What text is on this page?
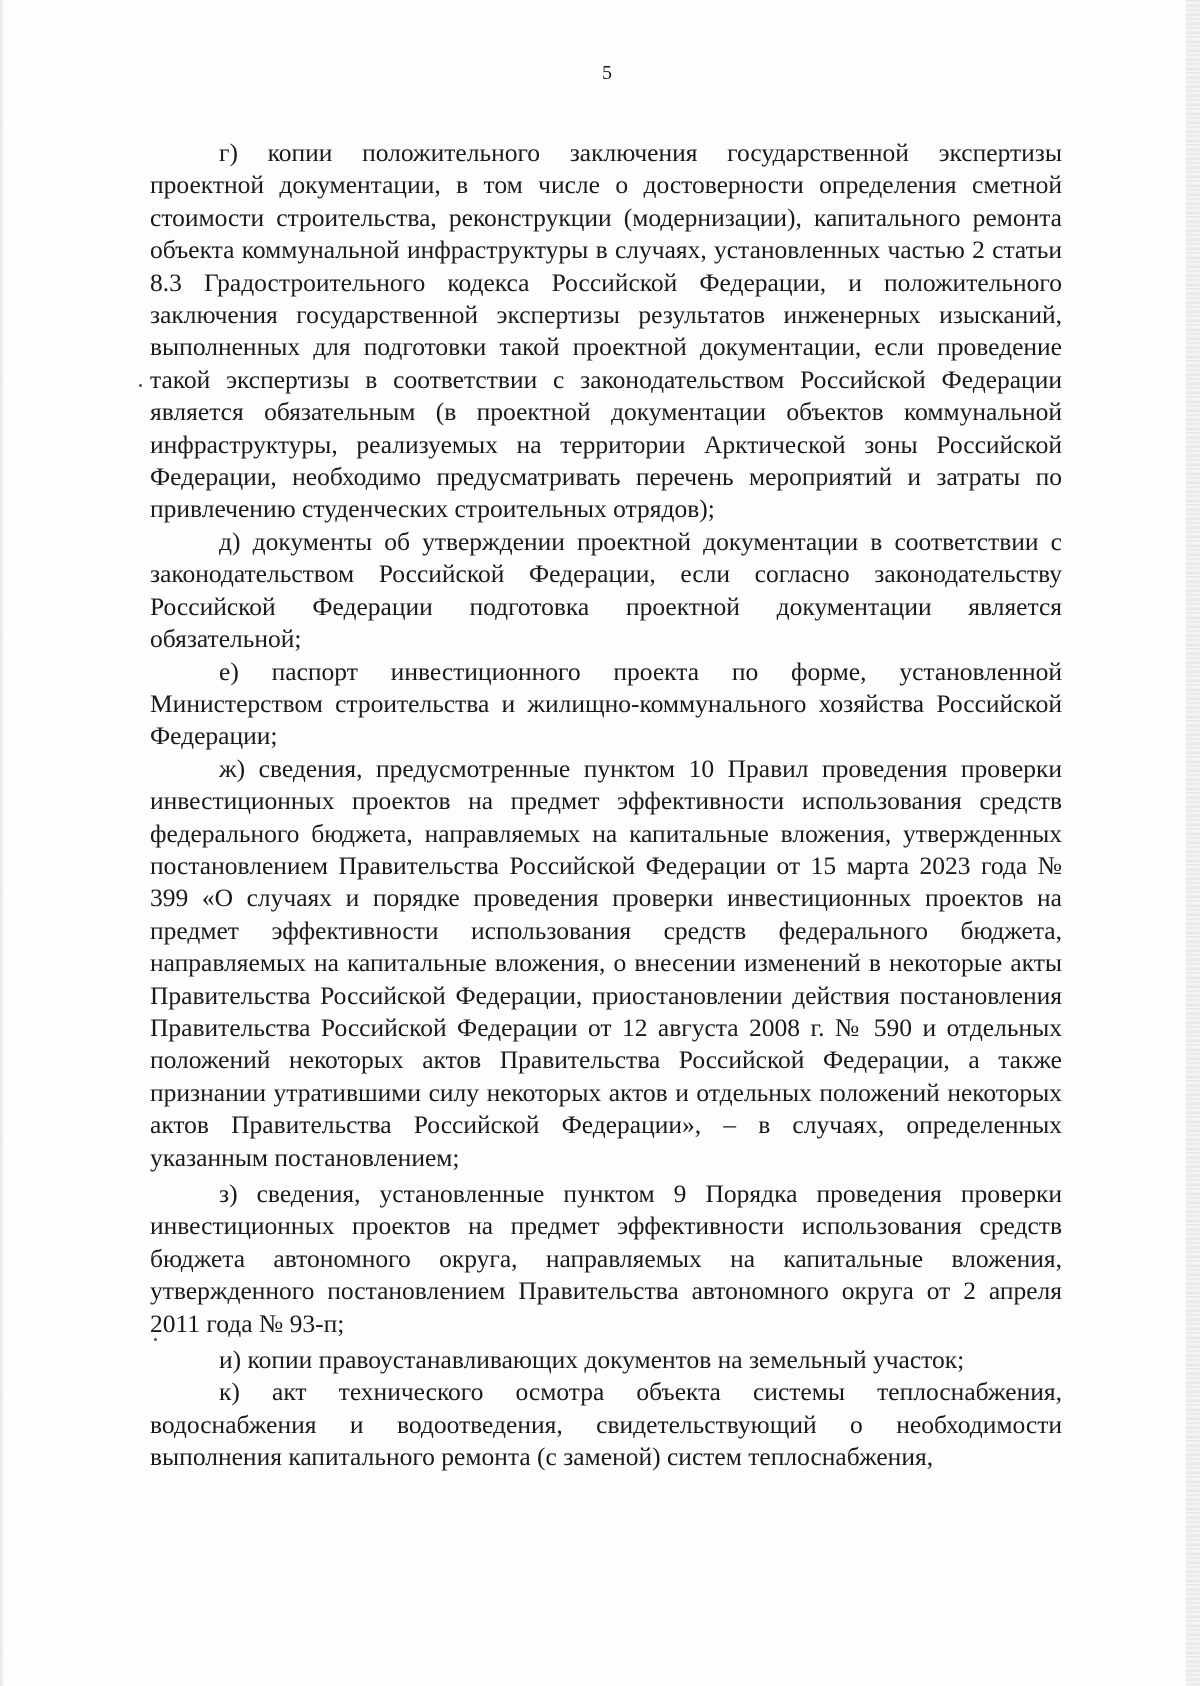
5

г) копии положительного заключения государственной экспертизы проектной документации, в том числе о достоверности определения сметной стоимости строительства, реконструкции (модернизации), капитального ремонта объекта коммунальной инфраструктуры в случаях, установленных частью 2 статьи 8.3 Градостроительного кодекса Российской Федерации, и положительного заключения государственной экспертизы результатов инженерных изысканий, выполненных для подготовки такой проектной документации, если проведение такой экспертизы в соответствии с законодательством Российской Федерации является обязательным (в проектной документации объектов коммунальной инфраструктуры, реализуемых на территории Арктической зоны Российской Федерации, необходимо предусматривать перечень мероприятий и затраты по привлечению студенческих строительных отрядов);

д) документы об утверждении проектной документации в соответствии с законодательством Российской Федерации, если согласно законодательству Российской Федерации подготовка проектной документации является обязательной;

е) паспорт инвестиционного проекта по форме, установленной Министерством строительства и жилищно-коммунального хозяйства Российской Федерации;

ж) сведения, предусмотренные пунктом 10 Правил проведения проверки инвестиционных проектов на предмет эффективности использования средств федерального бюджета, направляемых на капитальные вложения, утвержденных постановлением Правительства Российской Федерации от 15 марта 2023 года № 399 «О случаях и порядке проведения проверки инвестиционных проектов на предмет эффективности использования средств федерального бюджета, направляемых на капитальные вложения, о внесении изменений в некоторые акты Правительства Российской Федерации, приостановлении действия постановления Правительства Российской Федерации от 12 августа 2008 г. № 590 и отдельных положений некоторых актов Правительства Российской Федерации, а также признании утратившими силу некоторых актов и отдельных положений некоторых актов Правительства Российской Федерации», – в случаях, определенных указанным постановлением;

з) сведения, установленные пунктом 9 Порядка проведения проверки инвестиционных проектов на предмет эффективности использования средств бюджета автономного округа, направляемых на капитальные вложения, утвержденного постановлением Правительства автономного округа от 2 апреля 2011 года № 93-п;

и) копии правоустанавливающих документов на земельный участок;

к) акт технического осмотра объекта системы теплоснабжения, водоснабжения и водоотведения, свидетельствующий о необходимости выполнения капитального ремонта (с заменой) систем теплоснабжения,
